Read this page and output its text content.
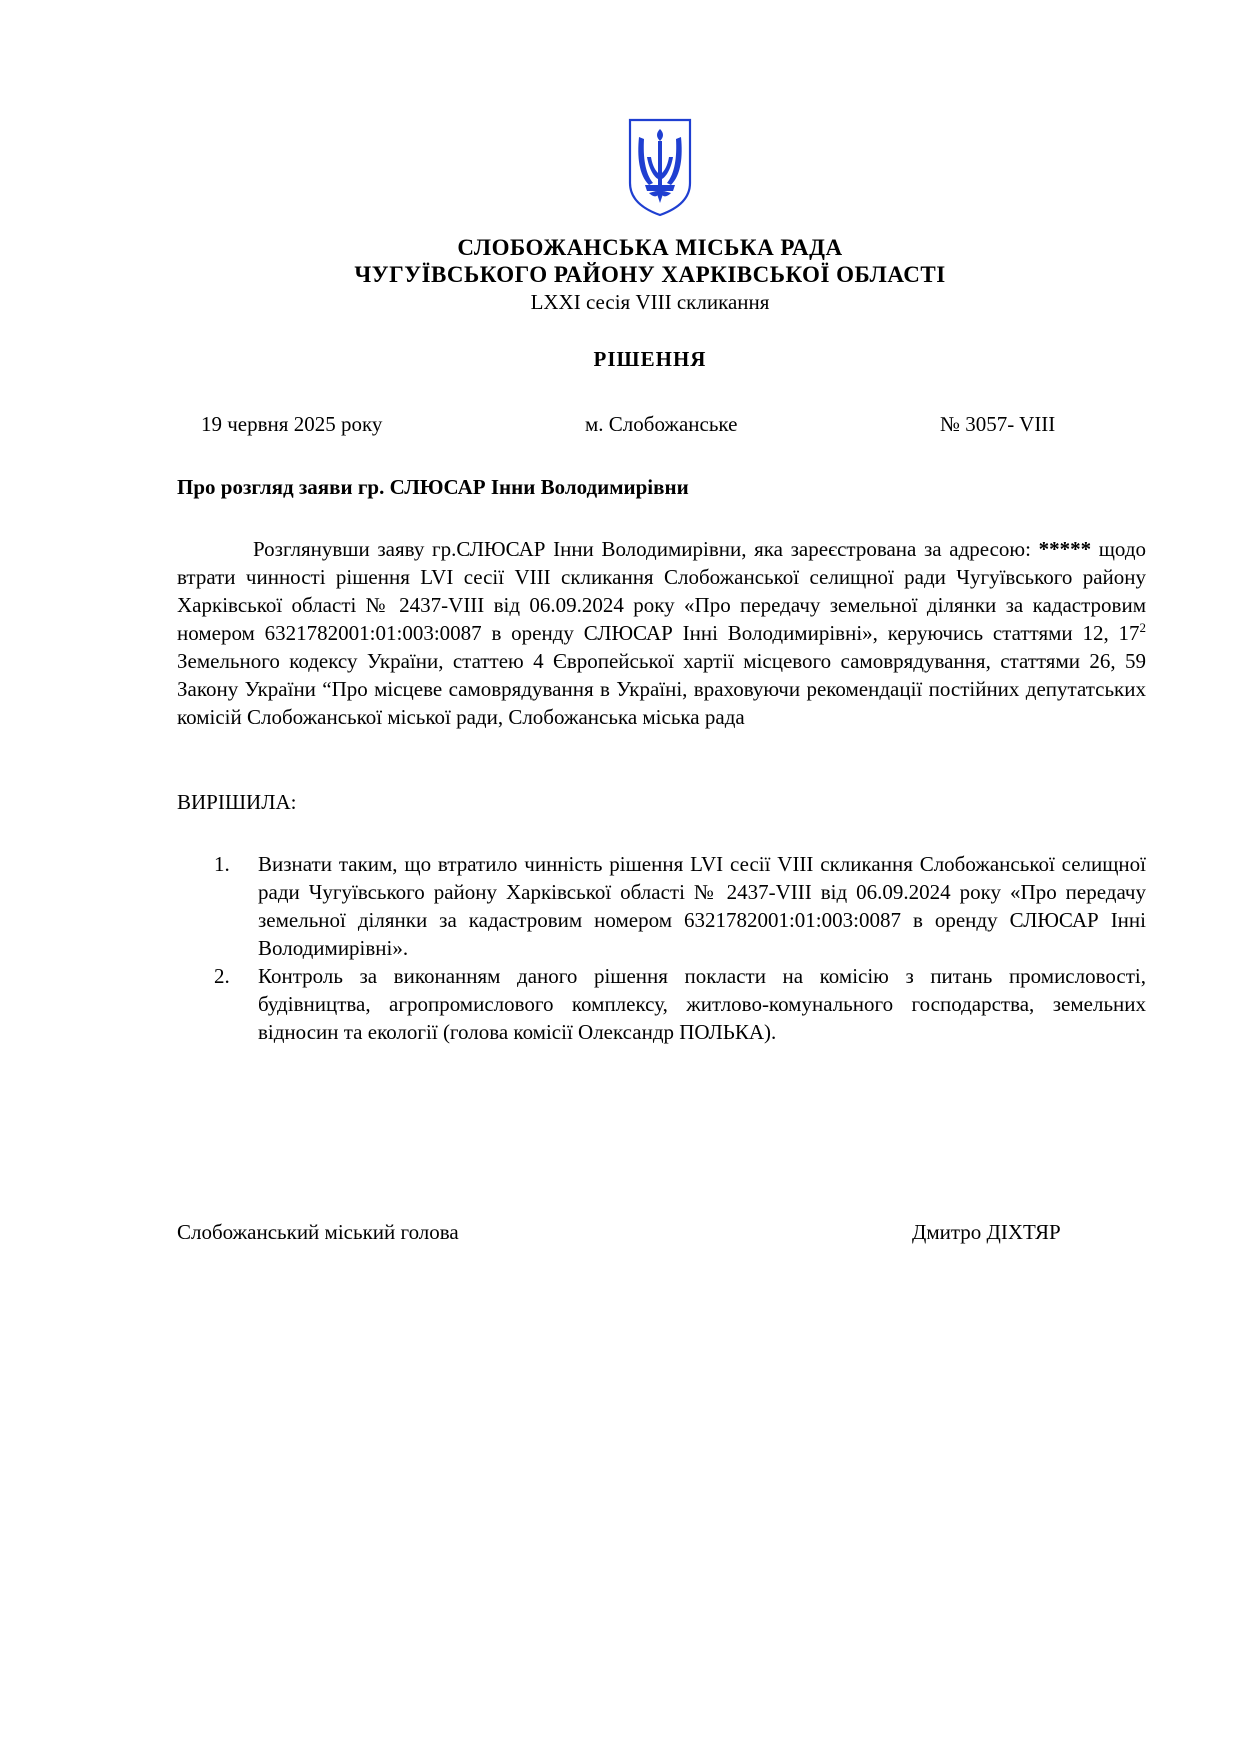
СЛОБОЖАНСЬКА МІСЬКА РАДА
ЧУГУЇВСЬКОГО РАЙОНУ ХАРКІВСЬКОЇ ОБЛАСТІ
LXXI сесія VIII скликання
РІШЕННЯ
19 червня 2025 року	м. Слобожанське	№ 3057- VIII
Про розгляд заяви гр. СЛЮСАР Інни Володимирівни
Розглянувши заяву гр.СЛЮСАР Інни Володимирівни, яка зареєстрована за адресою: ***** щодо втрати чинності рішення LVI сесії VIII скликання Слобожанської селищної ради Чугуївського району Харківської області № 2437-VIII від 06.09.2024 року «Про передачу земельної ділянки за кадастровим номером 6321782001:01:003:0087 в оренду СЛЮСАР Інні Володимирівні», керуючись статтями 12, $17^2$ Земельного кодексу України, статтею 4 Європейської хартії місцевого самоврядування, статтями 26, 59 Закону України “Про місцеве самоврядування в Україні, враховуючи рекомендації постійних депутатських комісій Слобожанської міської ради, Слобожанська міська рада
ВИРІШИЛА:
1. Визнати таким, що втратило чинність рішення LVI сесії VIII скликання Слобожанської селищної ради Чугуївського району Харківської області № 2437-VIII від 06.09.2024 року «Про передачу земельної ділянки за кадастровим номером 6321782001:01:003:0087 в оренду СЛЮСАР Інні Володимирівні».
2. Контроль за виконанням даного рішення покласти на комісію з питань промисловості, будівництва, агропромислового комплексу, житлово-комунального господарства, земельних відносин та екології (голова комісії Олександр ПОЛЬКА).
Слобожанський міський голова	Дмитро ДІХТЯР
